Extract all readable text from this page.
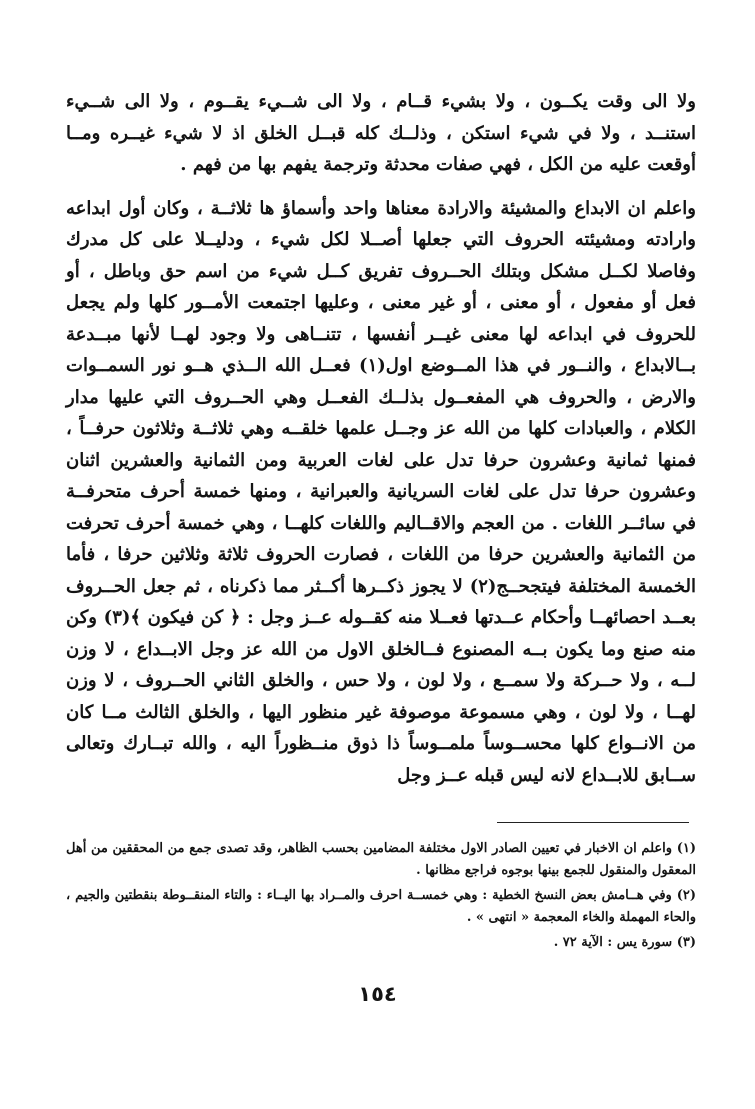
ولا الى وقت يكــون ، ولا بشيء قــام ، ولا الى شــيء يقــوم ، ولا الى شــيء استنــد ، ولا في شيء استكن ، وذلــك كله قبــل الخلق اذ لا شيء غيــره ومــا أوقعت عليه من الكل ، فهي صفات محدثة وترجمة يفهم بها من فهم .

واعلم ان الابداع والمشيئة والارادة معناها واحد وأسماؤ ها ثلاثــة ، وكان أول ابداعه وارادته ومشيئته الحروف التي جعلها أصــلا لكل شيء ، ودليــلا على كل مدرك وفاصلا لكــل مشكل وبتلك الحــروف تفريق كــل شيء من اسم حق وباطل ، أو فعل أو مفعول ، أو معنى ، أو غير معنى ، وعليها اجتمعت الأمــور كلها ولم يجعل للحروف في ابداعه لها معنى غيــر أنفسها ، تتنــاهى ولا وجود لهــا لأنها مبــدعة بــالابداع ، والنــور في هذا المــوضع اول(١) فعــل الله الــذي هــو نور السمــوات والارض ، والحروف هي المفعــول بذلــك الفعــل وهي الحــروف التي عليها مدار الكلام ، والعبادات كلها من الله عز وجــل علمها خلقــه وهي ثلاثــة وثلاثون حرفــاً ، فمنها ثمانية وعشرون حرفا تدل على لغات العربية ومن الثمانية والعشرين اثنان وعشرون حرفا تدل على لغات السريانية والعبرانية ، ومنها خمسة أحرف متحرفــة في سائــر اللغات . من العجم والاقــاليم واللغات كلهــا ، وهي خمسة أحرف تحرفت من الثمانية والعشرين حرفا من اللغات ، فصارت الحروف ثلاثة وثلاثين حرفا ، فأما الخمسة المختلفة فيتجحــج(٢) لا يجوز ذكــرها أكــثر مما ذكرناه ، ثم جعل الحــروف بعــد احصائهــا وأحكام عــدتها فعــلا منه كقــوله عــز وجل : ﴿ كن فيكون ﴾(٣) وكن منه صنع وما يكون بــه المصنوع فــالخلق الاول من الله عز وجل الابــداع ، لا وزن لــه ، ولا حــركة ولا سمــع ، ولا لون ، ولا حس ، والخلق الثاني الحــروف ، لا وزن لهــا ، ولا لون ، وهي مسموعة موصوفة غير منظور اليها ، والخلق الثالث مــا كان من الانــواع كلها محســوساً ملمــوساً ذا ذوق منــظوراً اليه ، والله تبــارك وتعالى ســابق للابــداع لانه ليس قبله عــز وجل

(١) واعلم ان الاخبار في تعيين الصادر الاول مختلفة المضامين بحسب الظاهر، وقد تصدى جمع من المحققين من أهل المعقول والمنقول للجمع بينها بوجوه فراجع مظانها .

(٢) وفي هــامش بعض النسخ الخطية : وهي خمســة احرف والمــراد بها اليــاء : والتاء المنقــوطة بنقطتين والجيم ، والحاء المهملة والخاء المعجمة « انتهى » .

(٣) سورة يس : الآية ٧٢ .

١٥٤
